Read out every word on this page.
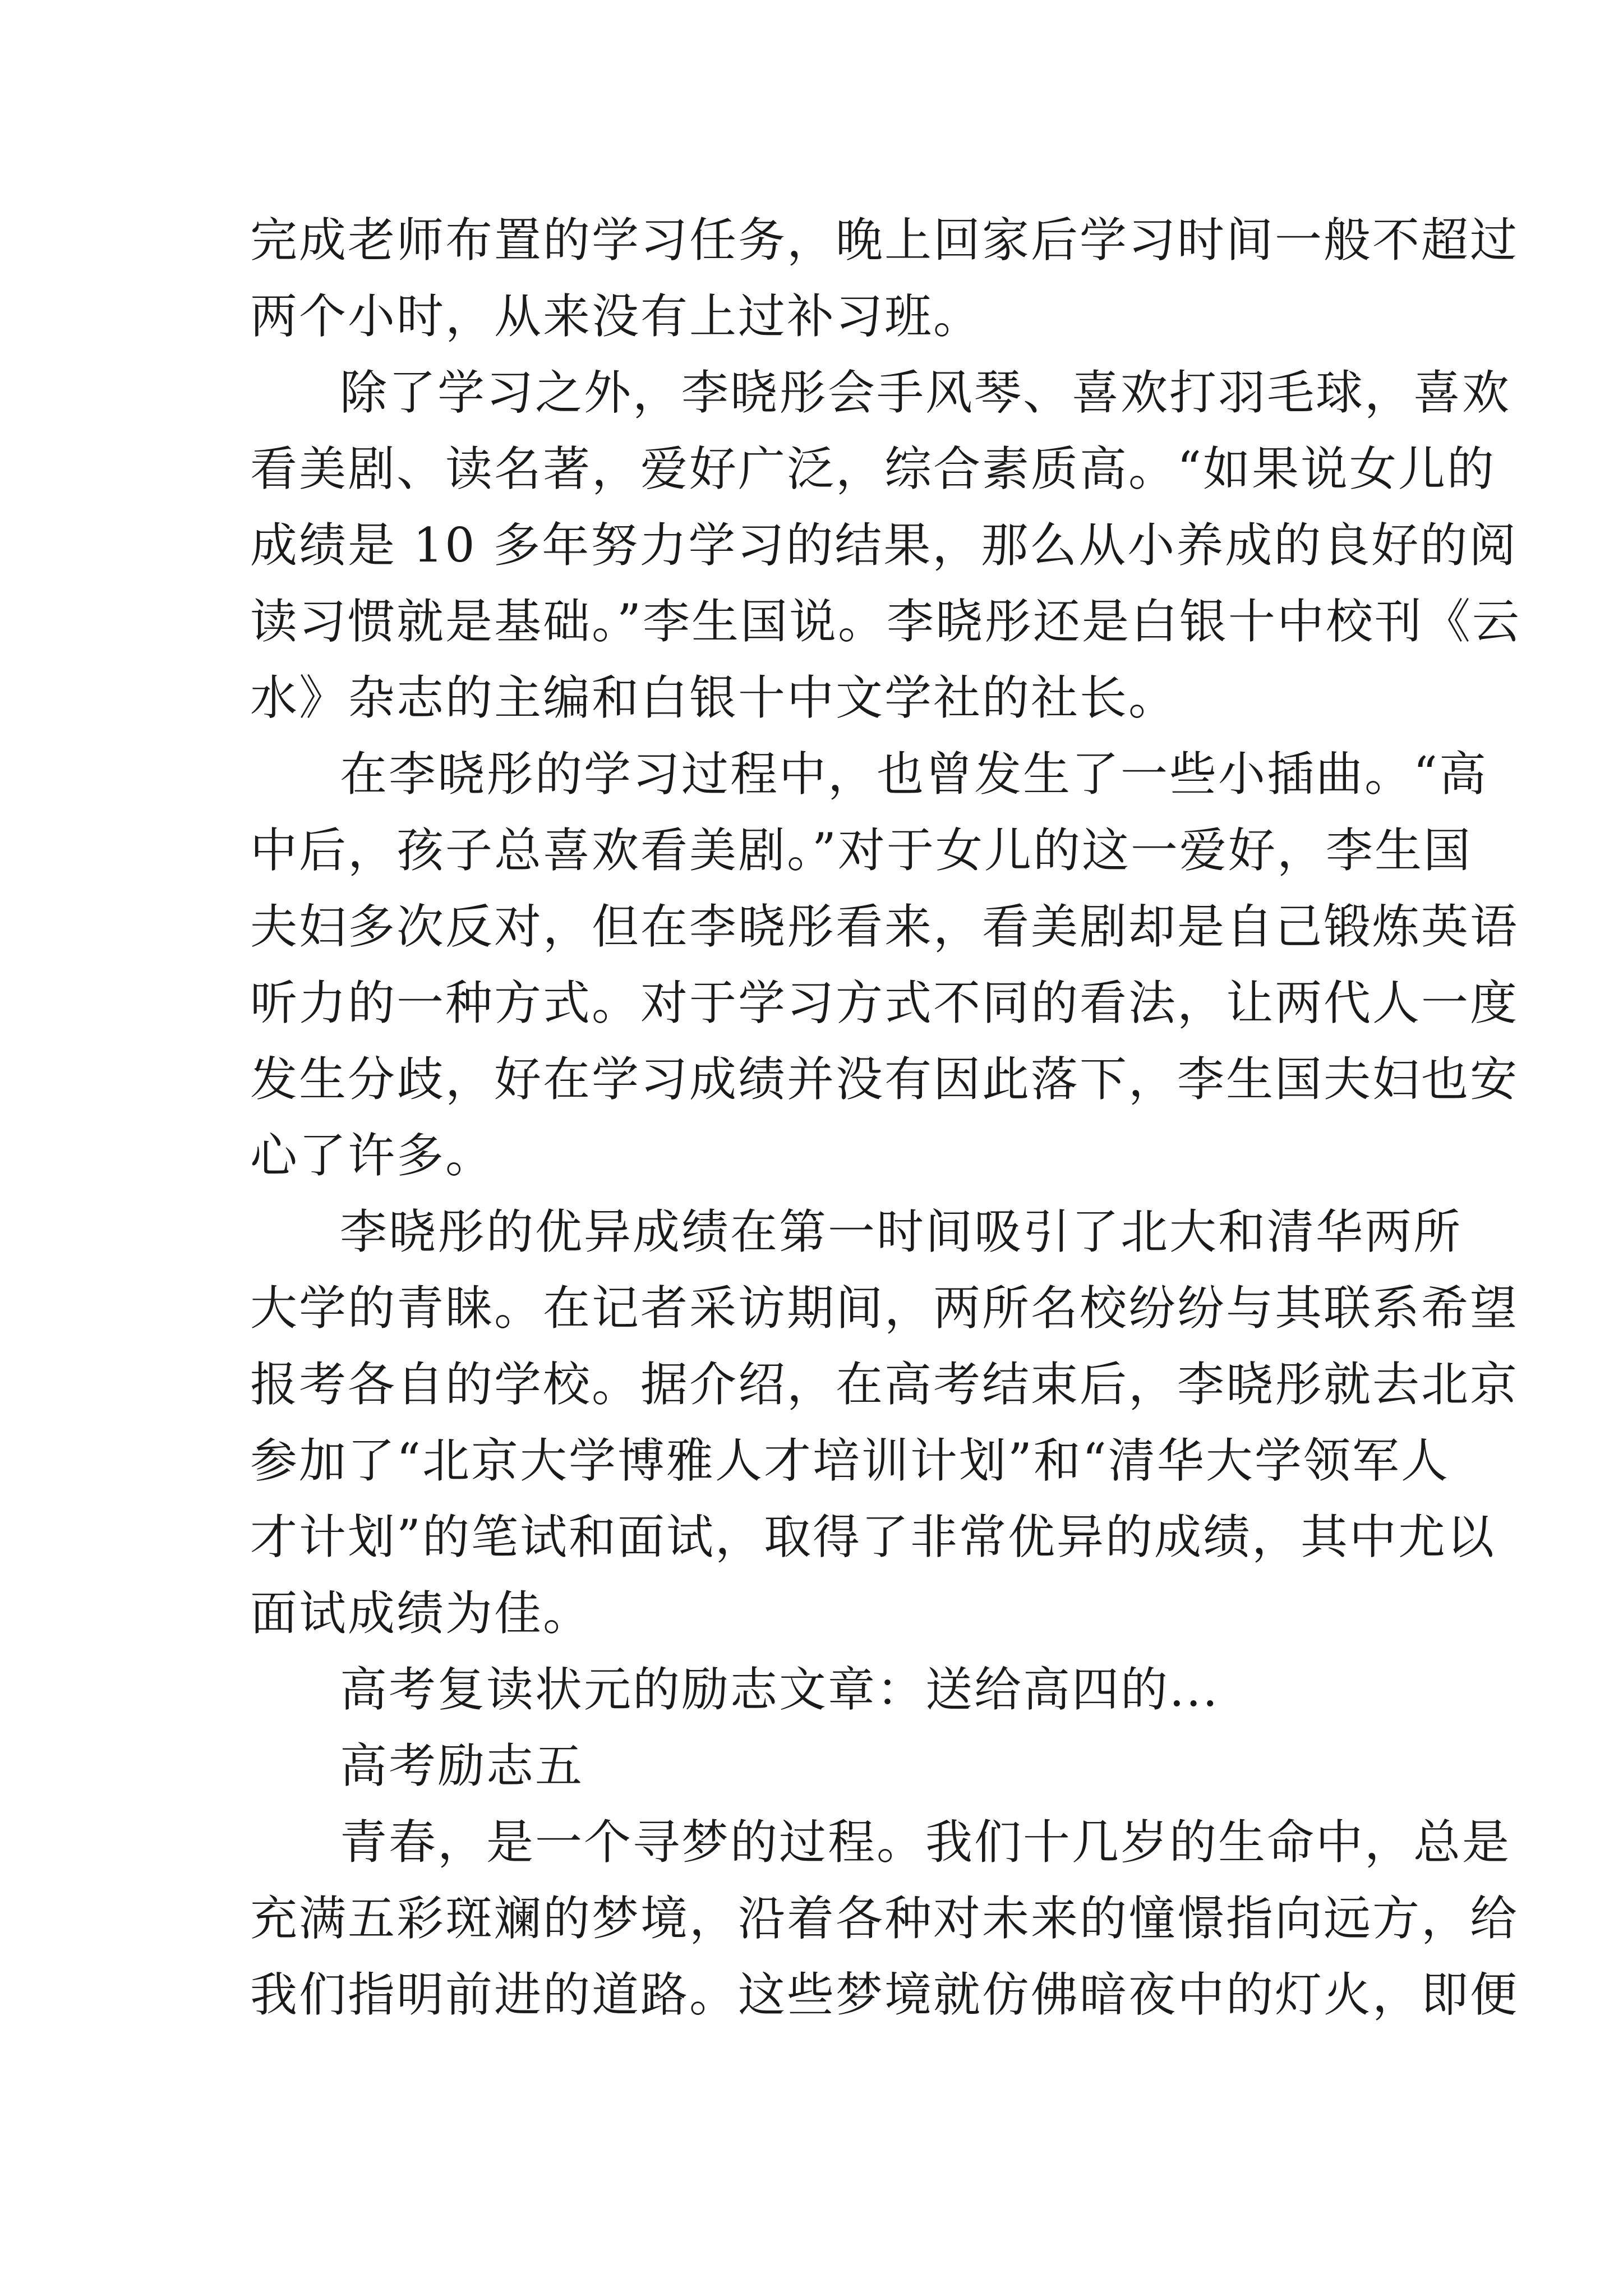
完成老师布置的学习任务，晚上回家后学习时间一般不超过
两个小时，从来没有上过补习班。
除了学习之外，李晓彤会手风琴、喜欢打羽毛球，喜欢
看美剧、读名著，爱好广泛，综合素质高。“如果说女儿的
成绩是 10 多年努力学习的结果，那么从小养成的良好的阅
读习惯就是基础。”李生国说。李晓彤还是白银十中校刊《云
水》杂志的主编和白银十中文学社的社长。
在李晓彤的学习过程中，也曾发生了一些小插曲。“高
中后，孩子总喜欢看美剧。”对于女儿的这一爱好，李生国
夫妇多次反对，但在李晓彤看来，看美剧却是自己锻炼英语
听力的一种方式。对于学习方式不同的看法，让两代人一度
发生分歧，好在学习成绩并没有因此落下，李生国夫妇也安
心了许多。
李晓彤的优异成绩在第一时间吸引了北大和清华两所
大学的青睐。在记者采访期间，两所名校纷纷与其联系希望
报考各自的学校。据介绍，在高考结束后，李晓彤就去北京
参加了“北京大学博雅人才培训计划”和“清华大学领军人
才计划”的笔试和面试，取得了非常优异的成绩，其中尤以
面试成绩为佳。
高考复读状元的励志文章：送给高四的...
高考励志五
青春，是一个寻梦的过程。我们十几岁的生命中，总是
充满五彩斑斓的梦境，沿着各种对未来的憧憬指向远方，给
我们指明前进的道路。这些梦境就仿佛暗夜中的灯火，即便
